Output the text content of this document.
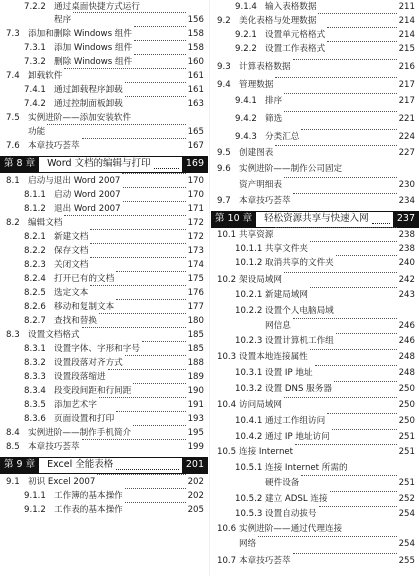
7.2.2 通过桌面快捷方式运行
程序	156
7.3 添加和删除 Windows 组件	158
7.3.1 添加 Windows 组件	158
7.3.2 删除 Windows 组件	160
7.4 卸载软件	161
7.4.1 通过卸载程序卸载	161
7.4.2 通过控制面板卸载	163
7.5 实例进阶——添加安装软件
功能	165
7.6 本章技巧荟萃	167
第 8 章	Word 文档的编辑与打印	169
8.1 启动与退出 Word 2007	170
8.1.1 启动 Word 2007	170
8.1.2 退出 Word 2007	171
8.2 编辑文档	172
8.2.1 新建文档	172
8.2.2 保存文档	173
8.2.3 关闭文档	174
8.2.4 打开已有的文档	175
8.2.5 选定文本	176
8.2.6 移动和复制文本	177
8.2.7 查找和替换	180
8.3 设置文档格式	185
8.3.1 设置字体、字形和字号	185
8.3.2 设置段落对齐方式	188
8.3.3 设置段落缩进	189
8.3.4 段变段间距和行间距	190
8.3.5 添加艺术字	191
8.3.6 页面设置和打印	193
8.4 实例进阶——制作手机简介	195
8.5 本章技巧荟萃	199
第 9 章	Excel 全能表格	201
9.1 初识 Excel 2007	202
9.1.1 工作簿的基本操作	202
9.1.2 工作表的基本操作	205
9.1.4 输入表格数据	211
9.2 美化表格与处理数据	214
9.2.1 设置单元格格式	214
9.2.2 设置工作表格式	215
9.3 计算表格数据	216
9.4 管理数据	217
9.4.1 排序	217
9.4.2 筛选	221
9.4.3 分类汇总	224
9.5 创建图表	227
9.6 实例进阶——制作公司固定
资产明细表	230
9.7 本章技巧荟萃	234
第 10 章	轻松资源共享与快速入网	237
10.1 共享资源	238
10.1.1 共享文件夹	238
10.1.2 取消共享的文件夹	240
10.2 架设局域网	242
10.2.1 新建局域网	243
10.2.2 设置个人电脑局域
网信息	246
10.2.3 设置计算机工作组	246
10.3 设置本地连接属性	248
10.3.1 设置 IP 地址	248
10.3.2 设置 DNS 服务器	250
10.4 访问局域网	250
10.4.1 通过工作组访问	250
10.4.2 通过 IP 地址访问	251
10.5 连接 Internet	251
10.5.1 连接 Internet 所需的
硬件设备	251
10.5.2 建立 ADSL 连接	252
10.5.3 设置自动拔号	254
10.6 实例进阶——通过代理连接
网络	254
10.7 本章技巧荟萃	255
